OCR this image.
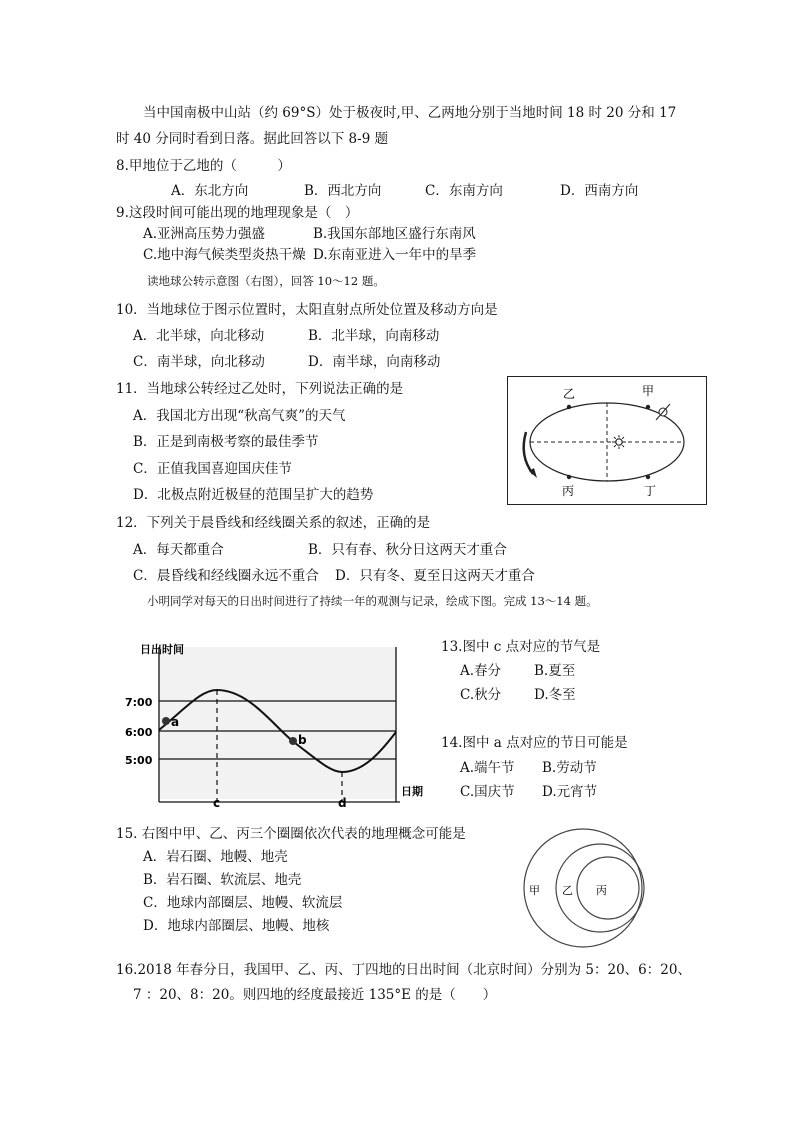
当中国南极中山站（约 69°S）处于极夜时,甲、乙两地分别于当地时间 18 时 20 分和 17
时 40 分同时看到日落。据此回答以下 8-9 题
8.甲地位于乙地的（　　　）
A．东北方向	B．西北方向	C．东南方向	D．西南方向
9.这段时间可能出现的地理现象是（　）
A.亚洲高压势力强盛	B.我国东部地区盛行东南风
C.地中海气候类型炎热干燥 D.东南亚进入一年中的旱季
读地球公转示意图（右图），回答 10～12 题。
10．当地球位于图示位置时，太阳直射点所处位置及移动方向是
A．北半球，向北移动	B．北半球，向南移动
C．南半球，向北移动	D．南半球，向南移动
11．当地球公转经过乙处时，下列说法正确的是
A．我国北方出现“秋高气爽”的天气
B．正是到南极考察的最佳季节
C．正值我国喜迎国庆佳节
D．北极点附近极昼的范围呈扩大的趋势
乙	甲
丙	丁
12．下列关于晨昏线和经线圈关系的叙述，正确的是
A．每天都重合	B．只有春、秋分日这两天才重合
C．晨昏线和经线圈永远不重合 D．只有冬、夏至日这两天才重合
小明同学对每天的日出时间进行了持续一年的观测与记录，绘成下图。完成 13～14 题。
日出时间
7:00
6:00
5:00
a
b
c	d
日期
13.图中 c 点对应的节气是
A.春分 B.夏至
C.秋分 D.冬至
14.图中 a 点对应的节日可能是
A.端午节 B.劳动节
C.国庆节 D.元宵节
15. 右图中甲、乙、丙三个圈圈依次代表的地理概念可能是
A．岩石圈、地幔、地壳
B．岩石圈、软流层、地壳
C．地球内部圈层、地幔、软流层
D．地球内部圈层、地幔、地核
甲 乙 丙
16.2018 年春分日，我国甲、乙、丙、丁四地的日出时间（北京时间）分别为 5：20、6：20、
7 ：20、8：20。则四地的经度最接近 135°E 的是（　　）
